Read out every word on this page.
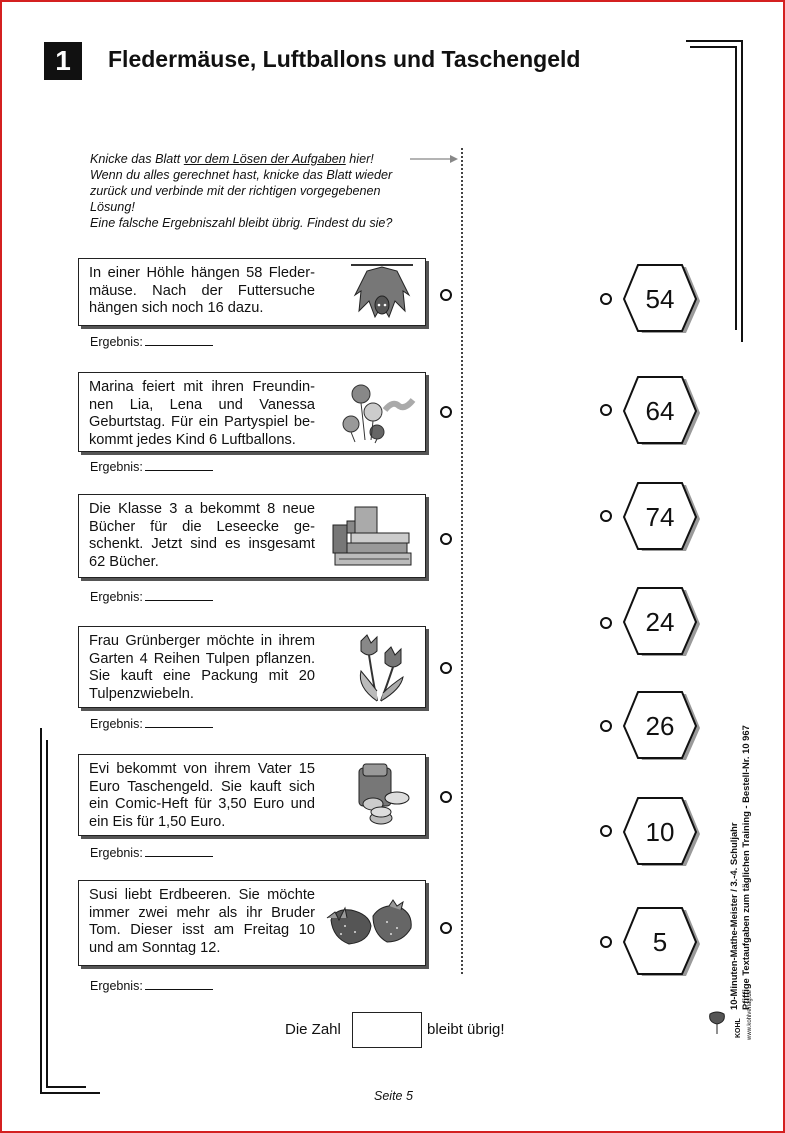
1	Fledermäuse, Luftballons und Taschengeld
Knicke das Blatt vor dem Lösen der Aufgaben hier!
Wenn du alles gerechnet hast, knicke das Blatt wieder
zurück und verbinde mit der richtigen vorgegebenen
Lösung!
Eine falsche Ergebniszahl bleibt übrig. Findest du sie?
In einer Höhle hängen 58 Fleder-mäuse. Nach der Futtersuche hängen sich noch 16 dazu.
Ergebnis:
Marina feiert mit ihren Freundin-nen Lia, Lena und Vanessa Geburtstag. Für ein Partyspiel be-kommt jedes Kind 6 Luftballons.
Ergebnis:
Die Klasse 3 a bekommt 8 neue Bücher für die Leseecke ge-schenkt. Jetzt sind es insgesamt 62 Bücher.
Ergebnis:
Frau Grünberger möchte in ihrem Garten 4 Reihen Tulpen pflanzen. Sie kauft eine Packung mit 20 Tulpenzwiebeln.
Ergebnis:
Evi bekommt von ihrem Vater 15 Euro Taschengeld. Sie kauft sich ein Comic-Heft für 3,50 Euro und ein Eis für 1,50 Euro.
Ergebnis:
Susi liebt Erdbeeren. Sie möchte immer zwei mehr als ihr Bruder Tom. Dieser isst am Freitag 10 und am Sonntag 12.
Ergebnis:
54
64
74
24
26
10
5
Die Zahl	bleibt übrig!
Seite 5
10-Minuten-Mathe-Meister / 3.-4. Schuljahr Pfiffige Textaufgaben zum täglichen Training - Bestell-Nr. 10 967
KOHL www.kohlverlag.de
